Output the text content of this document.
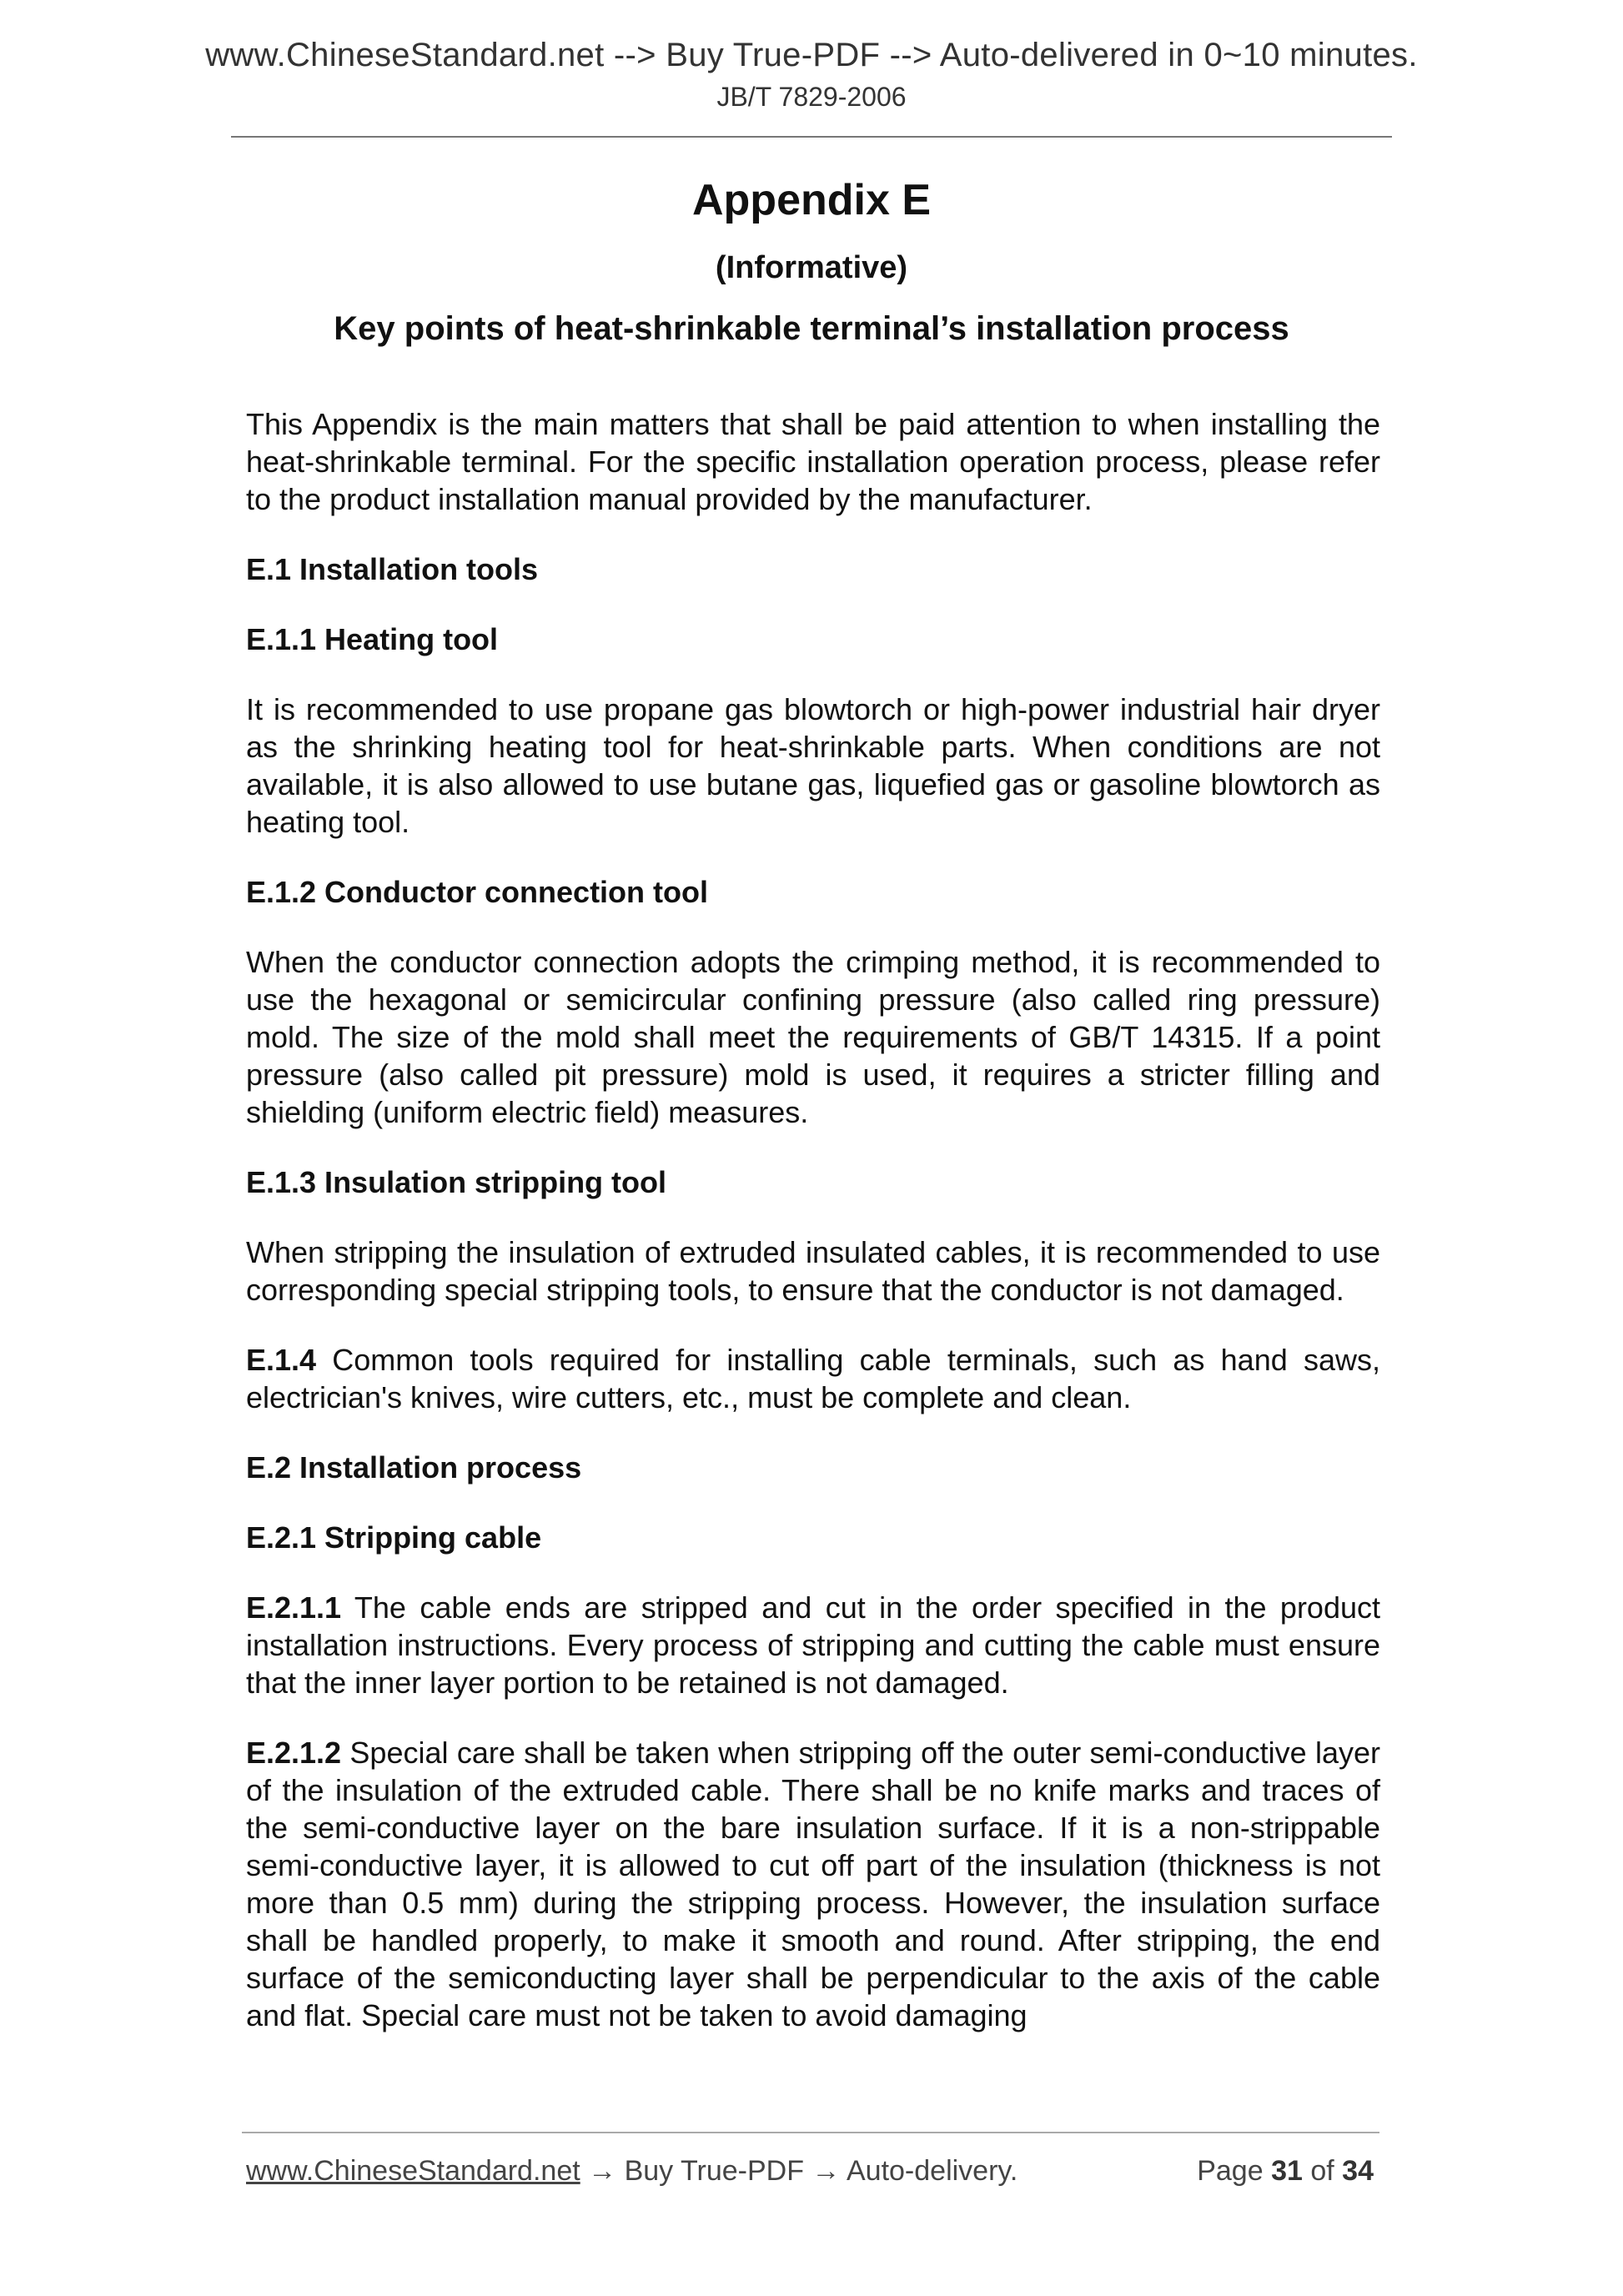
www.ChineseStandard.net --> Buy True-PDF --> Auto-delivered in 0~10 minutes.
JB/T 7829-2006
Appendix E
(Informative)
Key points of heat-shrinkable terminal’s installation process

This Appendix is the main matters that shall be paid attention to when installing the heat-shrinkable terminal. For the specific installation operation process, please refer to the product installation manual provided by the manufacturer.

E.1 Installation tools
E.1.1 Heating tool

It is recommended to use propane gas blowtorch or high-power industrial hair dryer as the shrinking heating tool for heat-shrinkable parts. When conditions are not available, it is also allowed to use butane gas, liquefied gas or gasoline blowtorch as heating tool.

E.1.2 Conductor connection tool

When the conductor connection adopts the crimping method, it is recommended to use the hexagonal or semicircular confining pressure (also called ring pressure) mold. The size of the mold shall meet the requirements of GB/T 14315. If a point pressure (also called pit pressure) mold is used, it requires a stricter filling and shielding (uniform electric field) measures.

E.1.3 Insulation stripping tool

When stripping the insulation of extruded insulated cables, it is recommended to use corresponding special stripping tools, to ensure that the conductor is not damaged.

E.1.4 Common tools required for installing cable terminals, such as hand saws, electrician's knives, wire cutters, etc., must be complete and clean.

E.2 Installation process
E.2.1 Stripping cable

E.2.1.1 The cable ends are stripped and cut in the order specified in the product installation instructions. Every process of stripping and cutting the cable must ensure that the inner layer portion to be retained is not damaged.

E.2.1.2 Special care shall be taken when stripping off the outer semi-conductive layer of the insulation of the extruded cable. There shall be no knife marks and traces of the semi-conductive layer on the bare insulation surface. If it is a non-strippable semi-conductive layer, it is allowed to cut off part of the insulation (thickness is not more than 0.5 mm) during the stripping process. However, the insulation surface shall be handled properly, to make it smooth and round. After stripping, the end surface of the semiconducting layer shall be perpendicular to the axis of the cable and flat. Special care must not be taken to avoid damaging

www.ChineseStandard.net → Buy True-PDF → Auto-delivery.	Page 31 of 34
